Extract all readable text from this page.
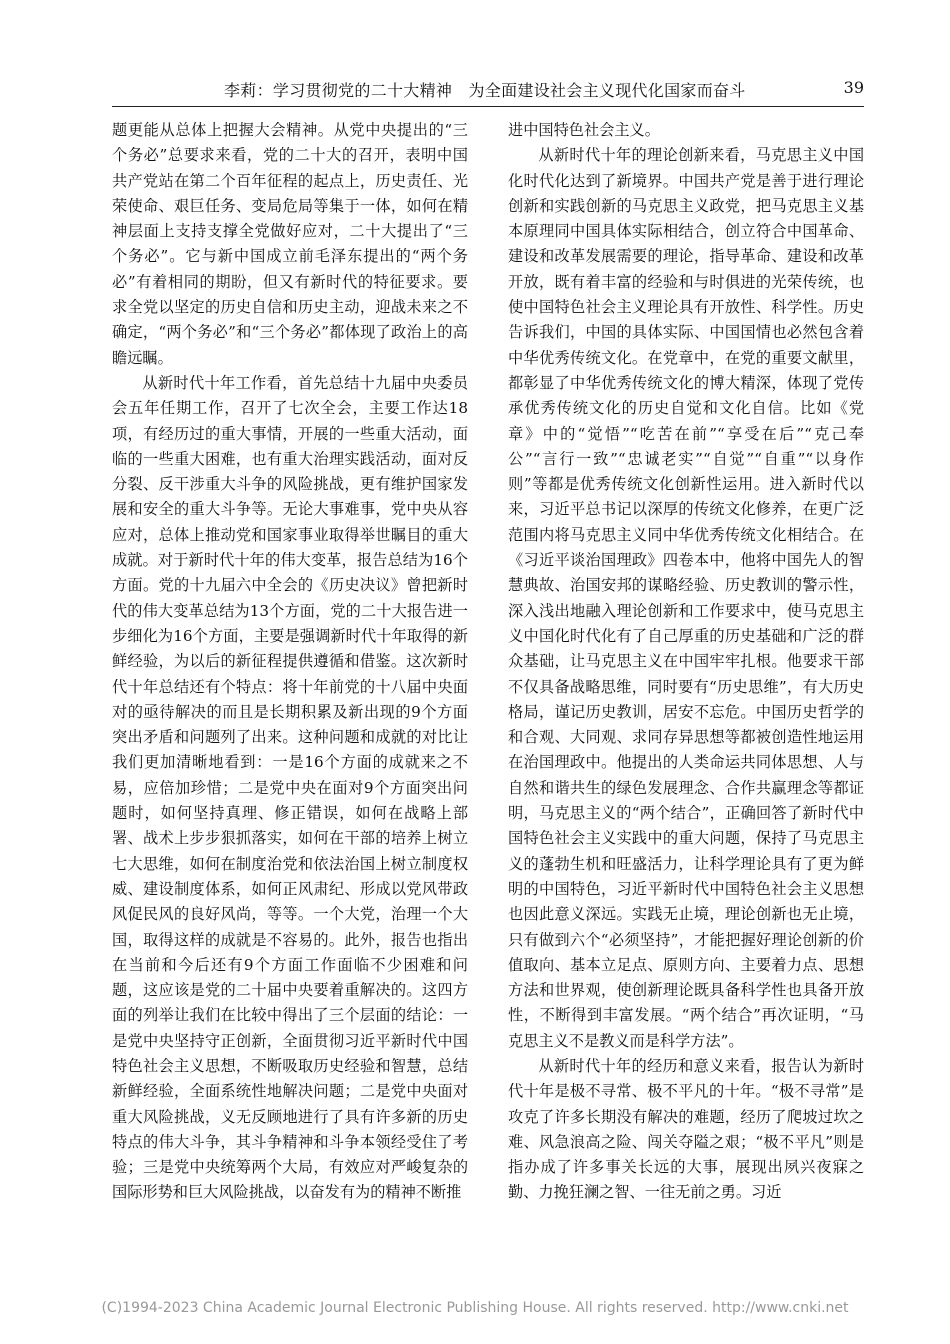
李莉：学习贯彻党的二十大精神　为全面建设社会主义现代化国家而奋斗	39

题更能从总体上把握大会精神。从党中央提出的“三个务必”总要求来看，党的二十大的召开，表明中国共产党站在第二个百年征程的起点上，历史责任、光荣使命、艰巨任务、变局危局等集于一体，如何在精神层面上支持支撑全党做好应对，二十大提出了“三个务必”。它与新中国成立前毛泽东提出的“两个务必”有着相同的期盼，但又有新时代的特征要求。要求全党以坚定的历史自信和历史主动，迎战未来之不确定，“两个务必”和“三个务必”都体现了政治上的高瞻远瞩。

从新时代十年工作看，首先总结十九届中央委员会五年任期工作，召开了七次全会，主要工作达18项，有经历过的重大事情，开展的一些重大活动，面临的一些重大困难，也有重大治理实践活动，面对反分裂、反干涉重大斗争的风险挑战，更有维护国家发展和安全的重大斗争等。无论大事难事，党中央从容应对，总体上推动党和国家事业取得举世瞩目的重大成就。对于新时代十年的伟大变革，报告总结为16个方面。党的十九届六中全会的《历史决议》曾把新时代的伟大变革总结为13个方面，党的二十大报告进一步细化为16个方面，主要是强调新时代十年取得的新鲜经验，为以后的新征程提供遵循和借鉴。这次新时代十年总结还有个特点：将十年前党的十八届中央面对的亟待解决的而且是长期积累及新出现的9个方面突出矛盾和问题列了出来。这种问题和成就的对比让我们更加清晰地看到：一是16个方面的成就来之不易，应倍加珍惜；二是党中央在面对9个方面突出问题时，如何坚持真理、修正错误，如何在战略上部署、战术上步步狠抓落实，如何在干部的培养上树立七大思维，如何在制度治党和依法治国上树立制度权威、建设制度体系，如何正风肃纪、形成以党风带政风促民风的良好风尚，等等。一个大党，治理一个大国，取得这样的成就是不容易的。此外，报告也指出在当前和今后还有9个方面工作面临不少困难和问题，这应该是党的二十届中央要着重解决的。这四方面的列举让我们在比较中得出了三个层面的结论：一是党中央坚持守正创新，全面贯彻习近平新时代中国特色社会主义思想，不断吸取历史经验和智慧，总结新鲜经验，全面系统性地解决问题；二是党中央面对重大风险挑战，义无反顾地进行了具有许多新的历史特点的伟大斗争，其斗争精神和斗争本领经受住了考验；三是党中央统筹两个大局，有效应对严峻复杂的国际形势和巨大风险挑战，以奋发有为的精神不断推

进中国特色社会主义。

从新时代十年的理论创新来看，马克思主义中国化时代化达到了新境界。中国共产党是善于进行理论创新和实践创新的马克思主义政党，把马克思主义基本原理同中国具体实际相结合，创立符合中国革命、建设和改革发展需要的理论，指导革命、建设和改革开放，既有着丰富的经验和与时俱进的光荣传统，也使中国特色社会主义理论具有开放性、科学性。历史告诉我们，中国的具体实际、中国国情也必然包含着中华优秀传统文化。在党章中，在党的重要文献里，都彰显了中华优秀传统文化的博大精深，体现了党传承优秀传统文化的历史自觉和文化自信。比如《党章》中的“觉悟”“吃苦在前”“享受在后”“克己奉公”“言行一致”“忠诚老实”“自觉”“自重”“以身作则”等都是优秀传统文化创新性运用。进入新时代以来，习近平总书记以深厚的传统文化修养，在更广泛范围内将马克思主义同中华优秀传统文化相结合。在《习近平谈治国理政》四卷本中，他将中国先人的智慧典故、治国安邦的谋略经验、历史教训的警示性，深入浅出地融入理论创新和工作要求中，使马克思主义中国化时代化有了自己厚重的历史基础和广泛的群众基础，让马克思主义在中国牢牢扎根。他要求干部不仅具备战略思维，同时要有“历史思维”，有大历史格局，谨记历史教训，居安不忘危。中国历史哲学的和合观、大同观、求同存异思想等都被创造性地运用在治国理政中。他提出的人类命运共同体思想、人与自然和谐共生的绿色发展理念、合作共赢理念等都证明，马克思主义的“两个结合”，正确回答了新时代中国特色社会主义实践中的重大问题，保持了马克思主义的蓬勃生机和旺盛活力，让科学理论具有了更为鲜明的中国特色，习近平新时代中国特色社会主义思想也因此意义深远。实践无止境，理论创新也无止境，只有做到六个“必须坚持”，才能把握好理论创新的价值取向、基本立足点、原则方向、主要着力点、思想方法和世界观，使创新理论既具备科学性也具备开放性，不断得到丰富发展。“两个结合”再次证明，“马克思主义不是教义而是科学方法”。

从新时代十年的经历和意义来看，报告认为新时代十年是极不寻常、极不平凡的十年。“极不寻常”是攻克了许多长期没有解决的难题，经历了爬坡过坎之难、风急浪高之险、闯关夺隘之艰；“极不平凡”则是指办成了许多事关长远的大事，展现出夙兴夜寐之勤、力挽狂澜之智、一往无前之勇。习近

(C)1994-2023 China Academic Journal Electronic Publishing House. All rights reserved. http://www.cnki.net
